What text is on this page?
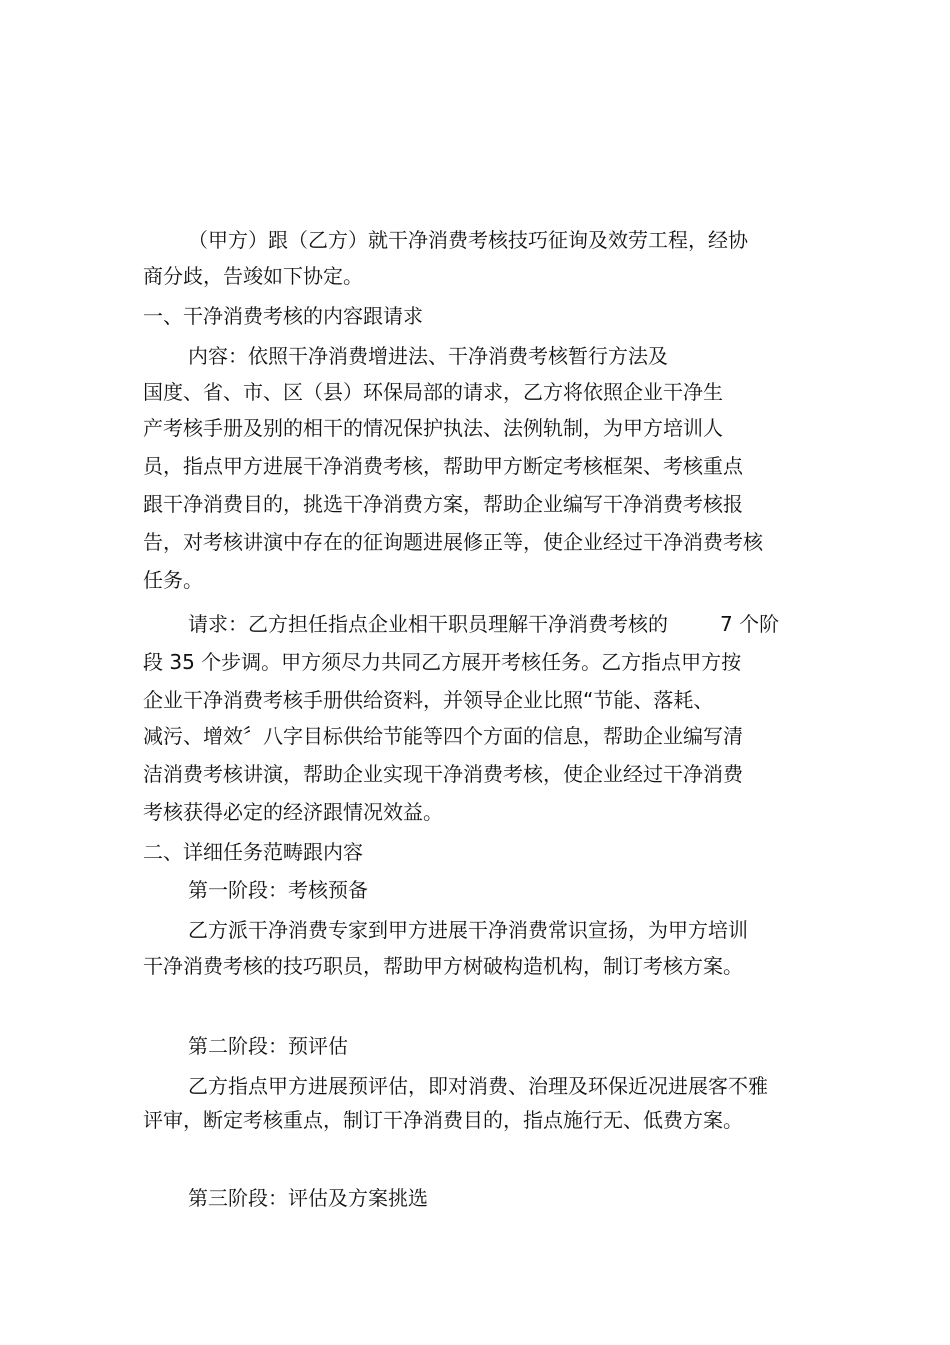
（甲方）跟（乙方）就干净消费考核技巧征询及效劳工程，经协
商分歧，告竣如下协定。
一、干净消费考核的内容跟请求
内容：依照干净消费增进法、干净消费考核暂行方法及
国度、省、市、区（县）环保局部的请求，乙方将依照企业干净生
产考核手册及别的相干的情况保护执法、法例轨制，为甲方培训人
员，指点甲方进展干净消费考核，帮助甲方断定考核框架、考核重点
跟干净消费目的，挑选干净消费方案，帮助企业编写干净消费考核报
告，对考核讲演中存在的征询题进展修正等，使企业经过干净消费考核
任务。
请求：乙方担任指点企业相干职员理解干净消费考核的	7 个阶
段 35 个步调。甲方须尽力共同乙方展开考核任务。乙方指点甲方按
企业干净消费考核手册供给资料，并领导企业比照“节能、落耗、
减污、增效〞八字目标供给节能等四个方面的信息，帮助企业编写清
洁消费考核讲演，帮助企业实现干净消费考核，使企业经过干净消费
考核获得必定的经济跟情况效益。
二、详细任务范畴跟内容
第一阶段：考核预备
乙方派干净消费专家到甲方进展干净消费常识宣扬，为甲方培训
干净消费考核的技巧职员，帮助甲方树破构造机构，制订考核方案。
第二阶段：预评估
乙方指点甲方进展预评估，即对消费、治理及环保近况进展客不雅
评审，断定考核重点，制订干净消费目的，指点施行无、低费方案。
第三阶段：评估及方案挑选
